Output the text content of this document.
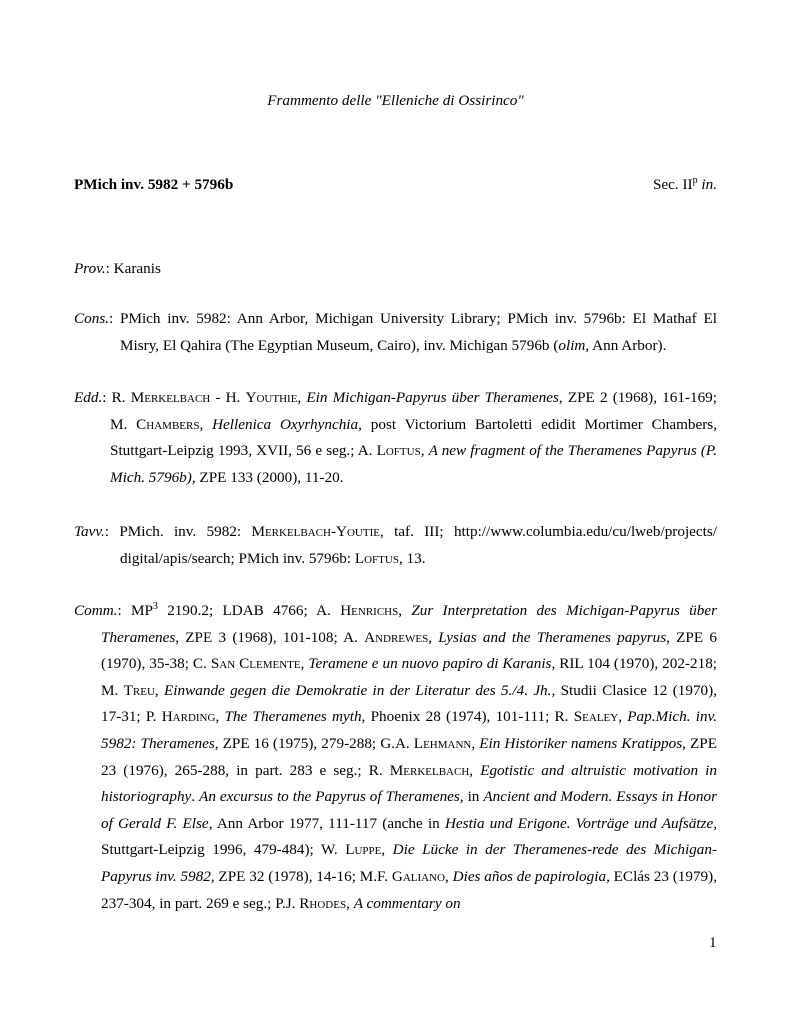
Frammento delle "Elleniche di Ossirinco"
PMich inv. 5982 + 5796b	Sec. $II^p$ in.
Prov.: Karanis
Cons.: PMich inv. 5982: Ann Arbor, Michigan University Library; PMich inv. 5796b: El Mathaf El Misry, El Qahira (The Egyptian Museum, Cairo), inv. Michigan 5796b (olim, Ann Arbor).
Edd.: R. Merkelbach - H. Youthie, Ein Michigan-Papyrus über Theramenes, ZPE 2 (1968), 161-169; M. Chambers, Hellenica Oxyrhynchia, post Victorium Bartoletti edidit Mortimer Chambers, Stuttgart-Leipzig 1993, XVII, 56 e seg.; A. Loftus, A new fragment of the Theramenes Papyrus (P. Mich. 5796b), ZPE 133 (2000), 11-20.
Tavv.: PMich. inv. 5982: Merkelbach-Youtie, taf. III; http://www.columbia.edu/cu/lweb/projects/ digital/apis/search; PMich inv. 5796b: Loftus, 13.
Comm.: $MP^3$ 2190.2; LDAB 4766; A. Henrichs, Zur Interpretation des Michigan-Papyrus über Theramenes, ZPE 3 (1968), 101-108; A. Andrewes, Lysias and the Theramenes papyrus, ZPE 6 (1970), 35-38; C. San Clemente, Teramene e un nuovo papiro di Karanis, RIL 104 (1970), 202-218; M. Treu, Einwande gegen die Demokratie in der Literatur des 5./4. Jh., Studii Clasice 12 (1970), 17-31; P. Harding, The Theramenes myth, Phoenix 28 (1974), 101-111; R. Sealey, Pap.Mich. inv. 5982: Theramenes, ZPE 16 (1975), 279-288; G.A. Lehmann, Ein Historiker namens Kratippos, ZPE 23 (1976), 265-288, in part. 283 e seg.; R. Merkelbach, Egotistic and altruistic motivation in historiography. An excursus to the Papyrus of Theramenes, in Ancient and Modern. Essays in Honor of Gerald F. Else, Ann Arbor 1977, 111-117 (anche in Hestia und Erigone. Vorträge und Aufsätze, Stuttgart-Leipzig 1996, 479-484); W. Luppe, Die Lücke in der Theramenes-rede des Michigan-Papyrus inv. 5982, ZPE 32 (1978), 14-16; M.F. Galiano, Dies años de papirologia, EClás 23 (1979), 237-304, in part. 269 e seg.; P.J. Rhodes, A commentary on
1
